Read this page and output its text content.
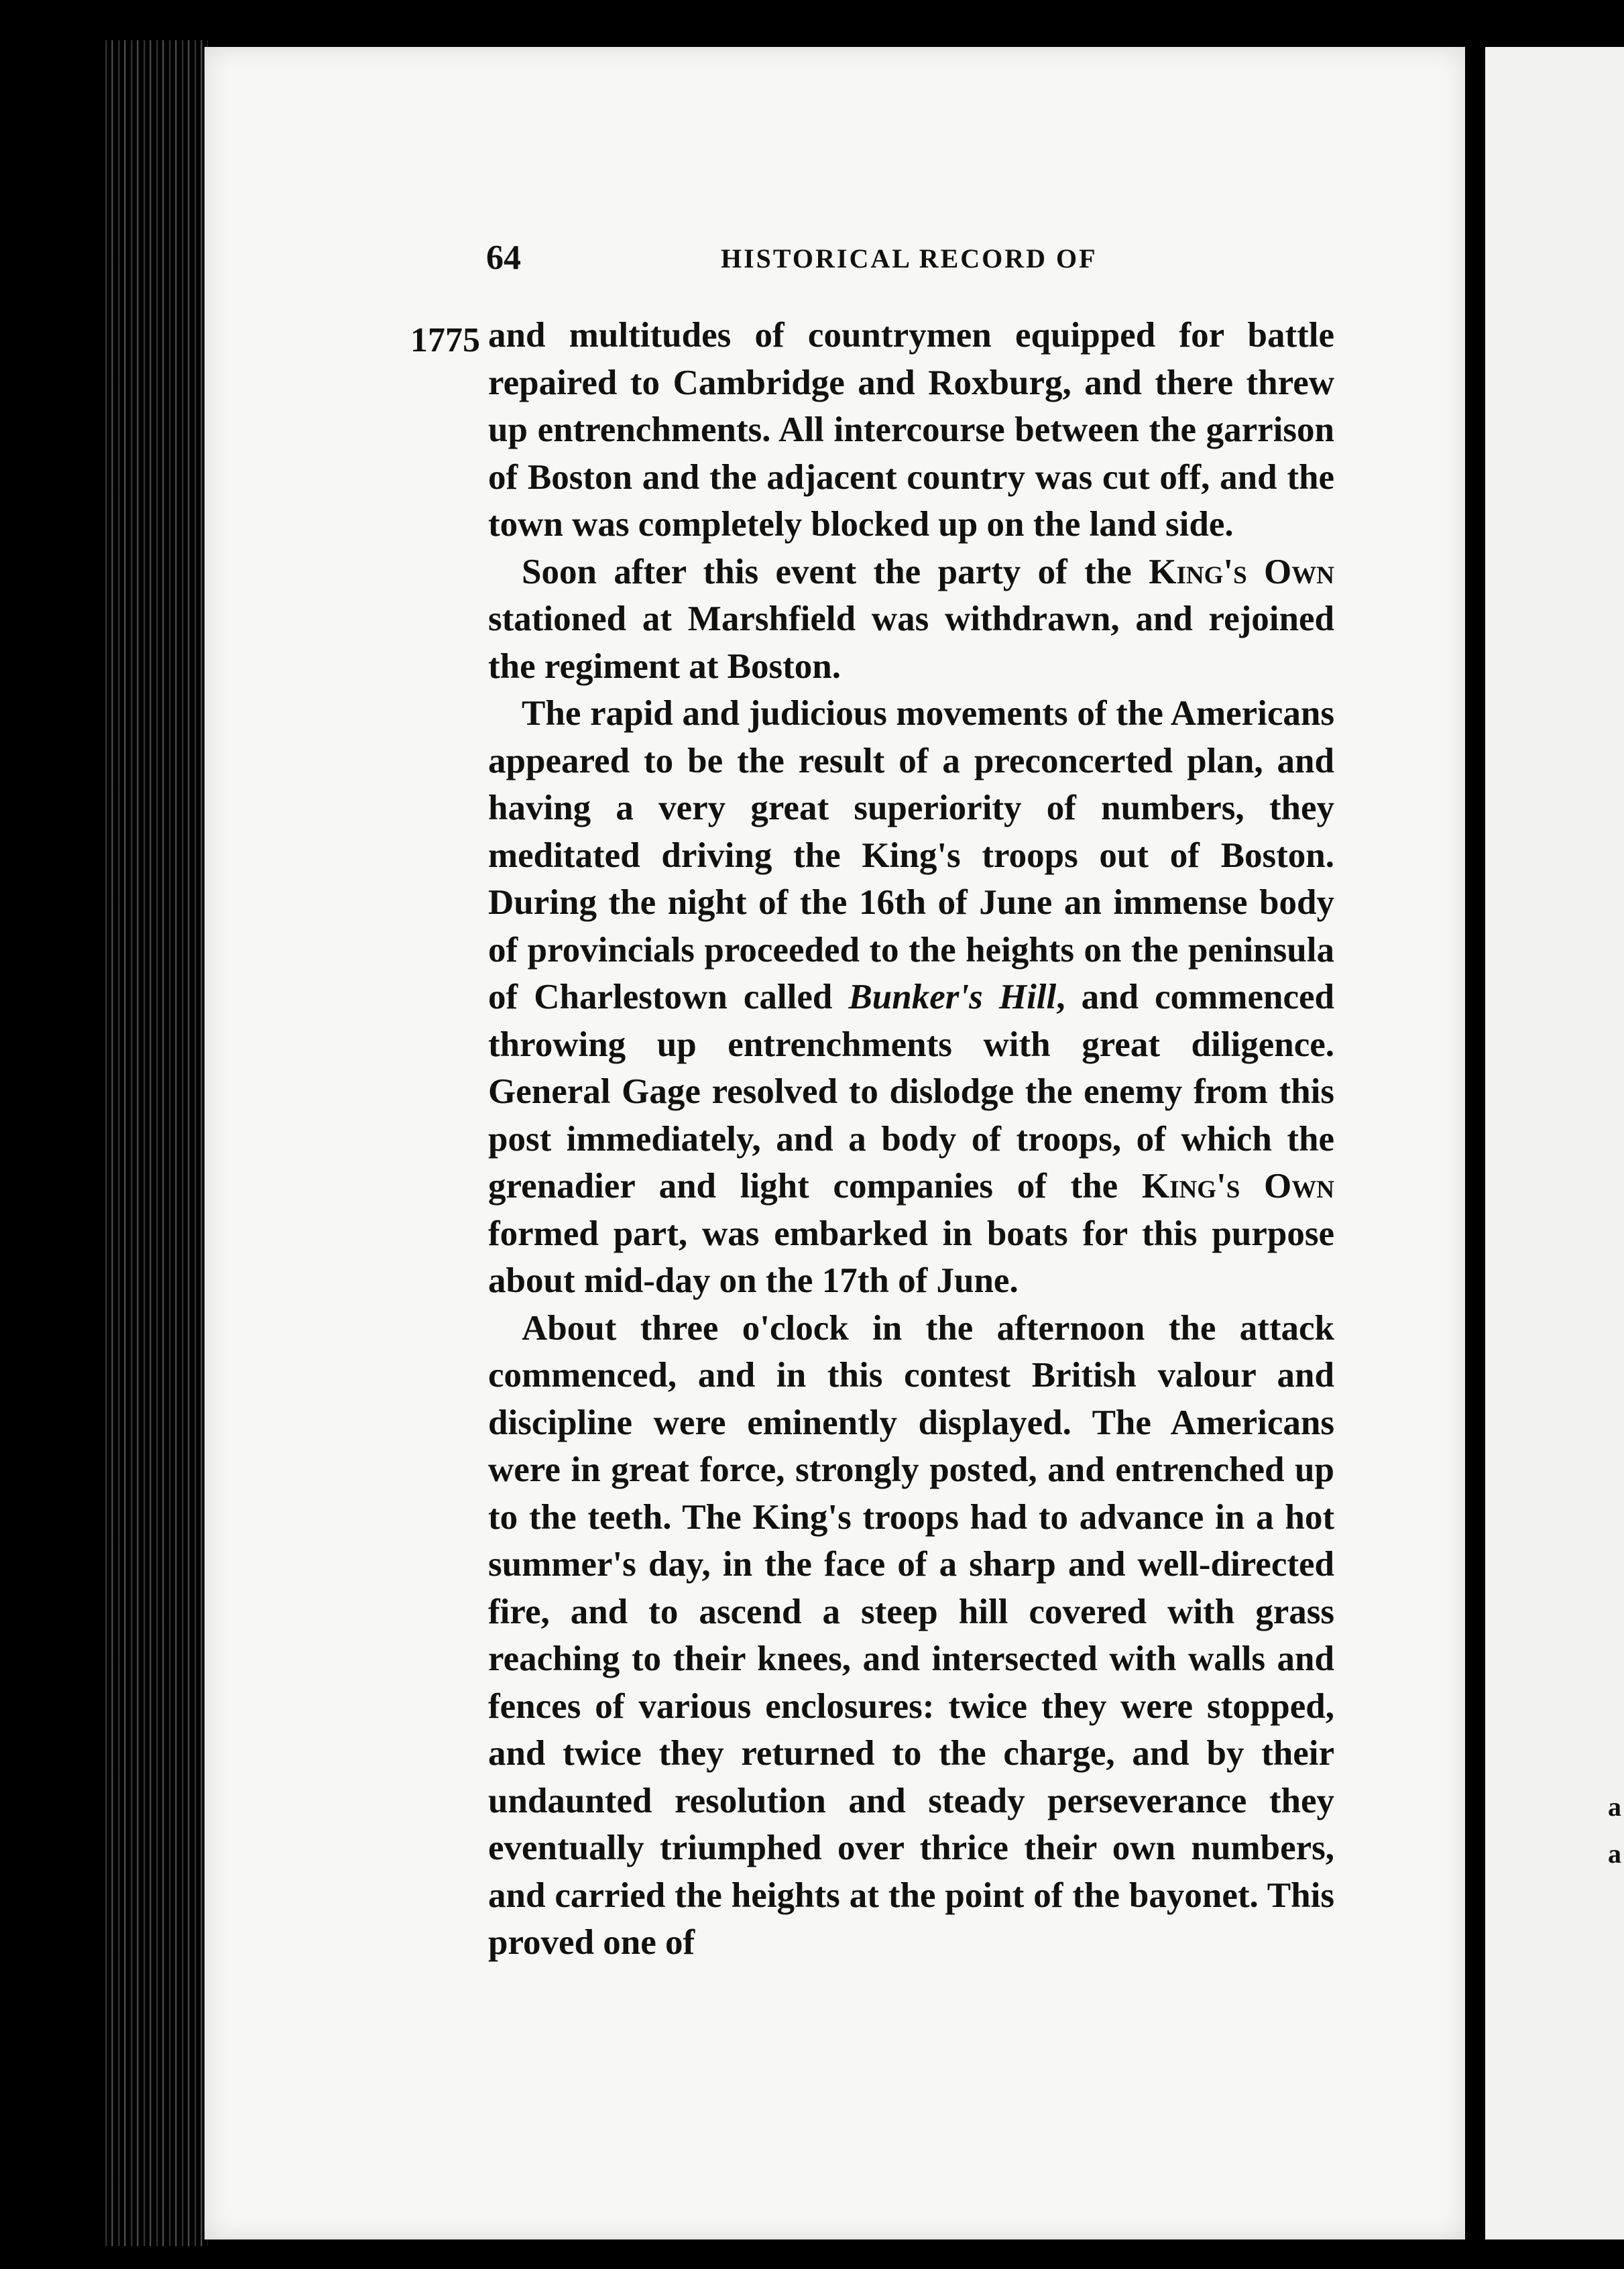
a
a
64	HISTORICAL RECORD OF
1775 and multitudes of countrymen equipped for battle repaired to Cambridge and Roxburg, and there threw up entrenchments. All intercourse between the garrison of Boston and the adjacent country was cut off, and the town was completely blocked up on the land side.

Soon after this event the party of the King's Own stationed at Marshfield was withdrawn, and rejoined the regiment at Boston.

The rapid and judicious movements of the Americans appeared to be the result of a preconcerted plan, and having a very great superiority of numbers, they meditated driving the King's troops out of Boston. During the night of the 16th of June an immense body of provincials proceeded to the heights on the peninsula of Charlestown called Bunker's Hill, and commenced throwing up entrenchments with great diligence. General Gage resolved to dislodge the enemy from this post immediately, and a body of troops, of which the grenadier and light companies of the King's Own formed part, was embarked in boats for this purpose about mid-day on the 17th of June.

About three o'clock in the afternoon the attack commenced, and in this contest British valour and discipline were eminently displayed. The Americans were in great force, strongly posted, and entrenched up to the teeth. The King's troops had to advance in a hot summer's day, in the face of a sharp and well-directed fire, and to ascend a steep hill covered with grass reaching to their knees, and intersected with walls and fences of various enclosures: twice they were stopped, and twice they returned to the charge, and by their undaunted resolution and steady perseverance they eventually triumphed over thrice their own numbers, and carried the heights at the point of the bayonet. This proved one of
